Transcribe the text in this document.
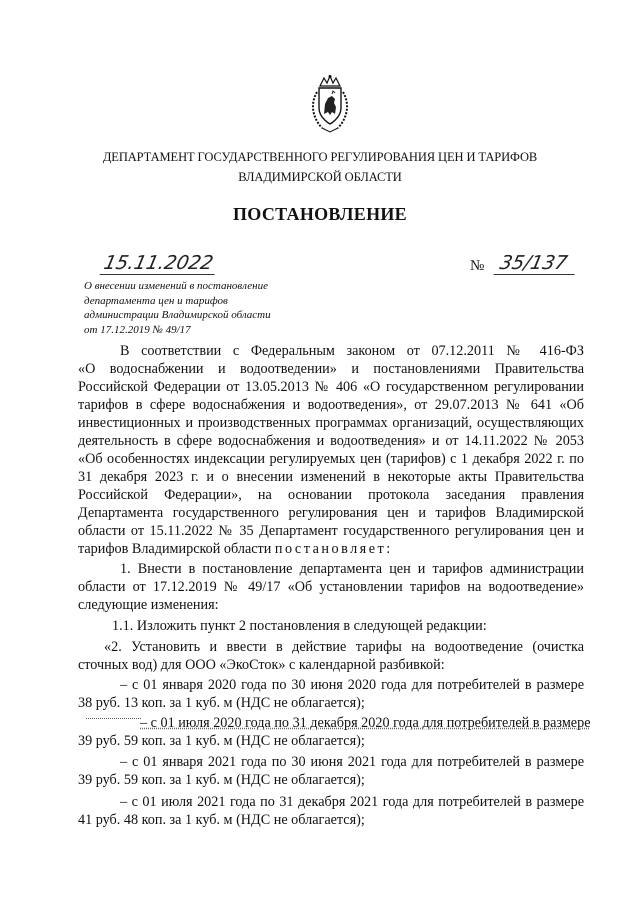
ДЕПАРТАМЕНТ ГОСУДАРСТВЕННОГО РЕГУЛИРОВАНИЯ ЦЕН И ТАРИФОВ
ВЛАДИМИРСКОЙ ОБЛАСТИ
ПОСТАНОВЛЕНИЕ
15.11.2022	№ 35/137
О внесении изменений в постановление
департамента цен и тарифов
администрации Владимирской области
от 17.12.2019 № 49/17
В соответствии с Федеральным законом от 07.12.2011 № 416-ФЗ
«О водоснабжении и водоотведении» и постановлениями Правительства
Российской Федерации от 13.05.2013 № 406 «О государственном регулировании
тарифов в сфере водоснабжения и водоотведения», от 29.07.2013 № 641 «Об
инвестиционных и производственных программах организаций, осуществляющих
деятельность в сфере водоснабжения и водоотведения» и от 14.11.2022 № 2053
«Об особенностях индексации регулируемых цен (тарифов) с 1 декабря 2022 г. по
31 декабря 2023 г. и о внесении изменений в некоторые акты Правительства
Российской Федерации», на основании протокола заседания правления
Департамента государственного регулирования цен и тарифов Владимирской
области от 15.11.2022 № 35 Департамент государственного регулирования цен и
тарифов Владимирской области постановляет:
1. Внести в постановление департамента цен и тарифов администрации
области от 17.12.2019 № 49/17 «Об установлении тарифов на водоотведение»
следующие изменения:
1.1. Изложить пункт 2 постановления в следующей редакции:
«2. Установить и ввести в действие тарифы на водоотведение (очистка
сточных вод) для ООО «ЭкоСток» с календарной разбивкой:
– с 01 января 2020 года по 30 июня 2020 года для потребителей в размере
38 руб. 13 коп. за 1 куб. м (НДС не облагается);
– с 01 июля 2020 года по 31 декабря 2020 года для потребителей в размере
39 руб. 59 коп. за 1 куб. м (НДС не облагается);
– с 01 января 2021 года по 30 июня 2021 года для потребителей в размере
39 руб. 59 коп. за 1 куб. м (НДС не облагается);
– с 01 июля 2021 года по 31 декабря 2021 года для потребителей в размере
41 руб. 48 коп. за 1 куб. м (НДС не облагается);
